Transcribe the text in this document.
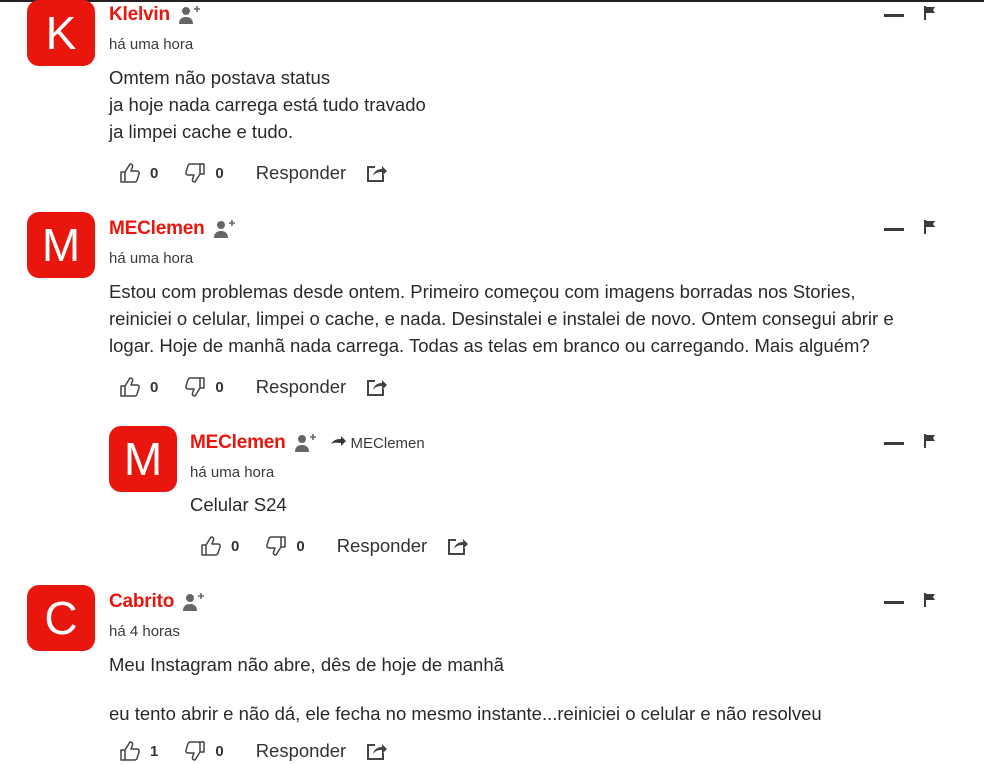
K	Klelvin
há uma hora

Omtem não postava status

ja hoje nada carrega está tudo travado

ja limpei cache e tudo.

0	0 Responder
M	MEClemen
há uma hora

Estou com problemas desde ontem. Primeiro começou com imagens borradas nos Stories,

reiniciei o celular, limpei o cache, e nada. Desinstalei e instalei de novo. Ontem consegui abrir e

logar. Hoje de manhã nada carrega. Todas as telas em branco ou carregando. Mais alguém?

0	0 Responder
M	MEClemen	MEClemen
há uma hora

Celular S24

0	0 Responder
C	Cabrito
há 4 horas

Meu Instagram não abre, dês de hoje de manhã

eu tento abrir e não dá, ele fecha no mesmo instante...reiniciei o celular e não resolveu

1	0 Responder
